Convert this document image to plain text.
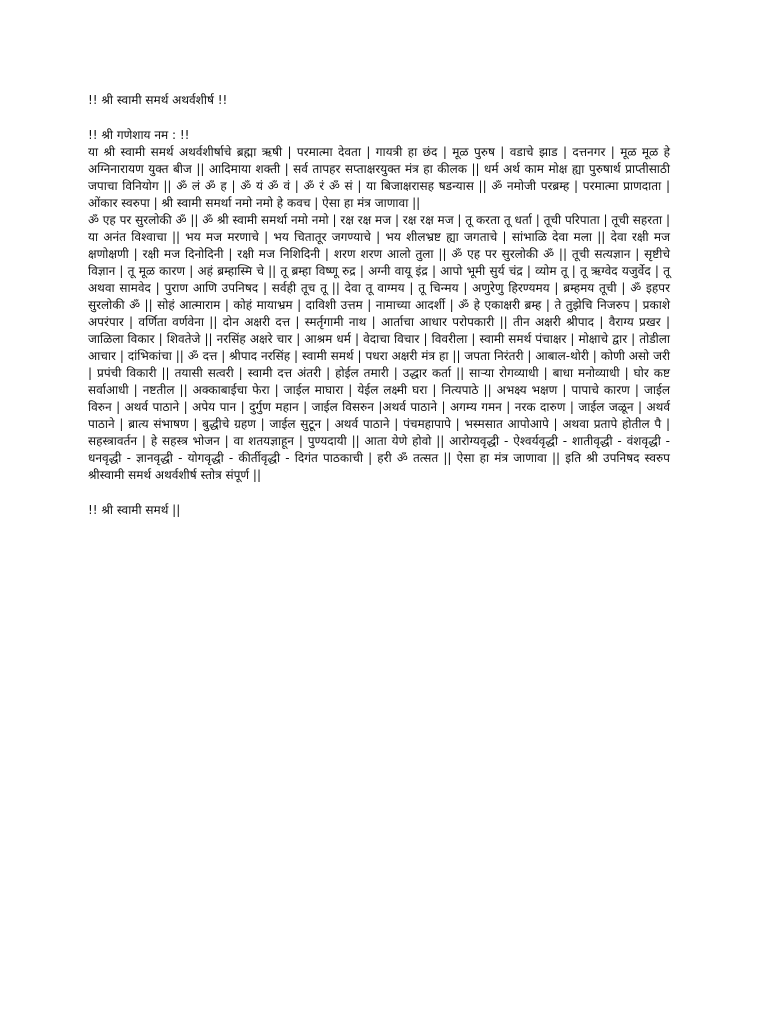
!! श्री स्वामी समर्थ अथर्वशीर्ष !!

!! श्री गणेशाय नम : !!

या श्री स्वामी समर्थ अथर्वशीर्षाचे ब्रह्मा ऋषी | परमात्मा देवता | गायत्री हा छंद | मूळ पुरुष | वडाचे झाड | दत्तनगर | मूळ मूळ हे अग्निनारायण युक्त बीज || आदिमाया शक्ती | सर्व तापहर सप्ताक्षरयुक्त मंत्र हा कीलक || धर्म अर्थ काम मोक्ष ह्या पुरुषार्थ प्राप्तीसाठी जपाचा विनियोग || ॐ लं ॐ ह | ॐ यं ॐ वं | ॐ रं ॐ सं | या बिजाक्षरासह षडन्यास || ॐ नमोजी परब्रम्ह | परमात्मा प्राणदाता | ओंकार स्वरुपा | श्री स्वामी समर्था नमो नमो हे कवच | ऐसा हा मंत्र जाणावा ||

ॐ एह पर सुरलोकी ॐ || ॐ श्री स्वामी समर्था नमो नमो | रक्ष रक्ष मज | रक्ष रक्ष मज | तू करता तू धर्ता | तूची परिपाता | तूची सहरता | या अनंत विश्वाचा || भय मज मरणाचे | भय चितातूर जगण्याचे | भय शीलभ्रष्ट ह्या जगताचे | सांभाळि देवा मला || देवा रक्षी मज क्षणोक्षणी | रक्षी मज दिनोदिनी | रक्षी मज निशिदिनी | शरण शरण आलो तुला || ॐ एह पर सुरलोकी ॐ || तूची सत्यज्ञान | सृष्टीचे विज्ञान | तू मूळ कारण | अहं ब्रम्हास्मि चे || तू ब्रम्हा विष्णू रुद्र | अग्नी वायू इंद्र | आपो भूमी सुर्य चंद्र | व्योम तू | तू ऋग्वेद यजुर्वेद | तू अथवा सामवेद | पुराण आणि उपनिषद | सर्वही तूच तू || देवा तू वाग्मय | तू चिन्मय | अणुरेणु हिरण्यमय | ब्रम्हमय तूची | ॐ इहपर सुरलोकी ॐ || सोहं आत्माराम | कोहं मायाभ्रम | दाविशी उत्तम | नामाच्या आदर्शी | ॐ हे एकाक्षरी ब्रम्ह | ते तुझेचि निजरुप | प्रकाशे अपरंपार | वर्णिता वर्णवेना || दोन अक्षरी दत्त | स्मर्तृगामी नाथ | आर्ताचा आधार परोपकारी || तीन अक्षरी श्रीपाद | वैराग्य प्रखर | जाळिला विकार | शिवतेजे || नरसिंह अक्षरे चार | आश्रम धर्म | वेदाचा विचार | विवरीला | स्वामी समर्थ पंचाक्षर | मोक्षाचे द्वार | तोडीला आचार | दांभिकांचा || ॐ दत्त | श्रीपाद नरसिंह | स्वामी समर्थ | पधरा अक्षरी मंत्र हा || जपता निरंतरी | आबाल-थोरी | कोणी असो जरी | प्रपंची विकारी || तयासी सत्वरी | स्वामी दत्त अंतरी | होईल तमारी | उद्धार कर्ता || साऱ्या रोगव्याधी | बाधा मनोव्याधी | घोर कष्ट सर्वाआधी | नष्टतील || अक्काबाईचा फेरा | जाईल माघारा | येईल लक्ष्मी घरा | नित्यपाठे || अभक्ष्य भक्षण | पापाचे कारण | जाईल विरुन | अथर्व पाठाने | अपेय पान | दुर्गुण महान | जाईल विसरुन |अथर्व पाठाने | अगम्य गमन | नरक दारुण | जाईल जळून | अथर्व पाठाने | ब्रात्य संभाषण | बुद्धीचे ग्रहण | जाईल सुटून | अथर्व पाठाने | पंचमहापापे | भस्मसात आपोआपे | अथवा प्रतापे होतील पै | सहस्त्रावर्तन | हे सहस्त्र भोजन | वा शतयज्ञाहून | पुण्यदायी || आता येणे होवो || आरोग्यवृद्धी - ऐश्वर्यवृद्धी - शातीवृद्धी - वंशवृद्धी - धनवृद्धी - ज्ञानवृद्धी - योगवृद्धी - कीर्तीवृद्धी - दिगंत पाठकाची | हरी ॐ तत्सत || ऐसा हा मंत्र जाणावा || इति श्री उपनिषद स्वरुप श्रीस्वामी समर्थ अथर्वशीर्ष स्तोत्र संपूर्ण ||

!! श्री स्वामी समर्थ ||
